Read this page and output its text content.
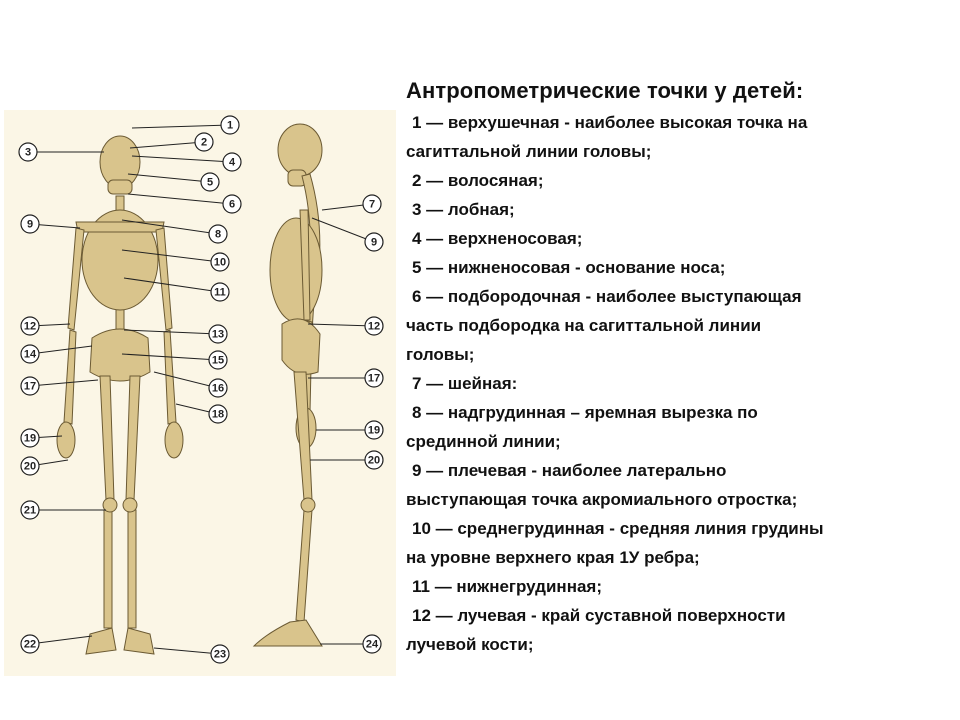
1
2
3
4
5
6	7
8
9
9
10
11
12	12
13
14	15
16
17
17
18
19
19
20	20
21
22
23
24
Антропометрические точки у детей:

1 — верхушечная - наиболее высокая точка на

сагиттальной линии головы;

2 — волосяная;

3 — лобная;

4 — верхненосовая;

5 — нижненосовая - основание носа;

6 — подбородочная - наиболее выступающая

часть подбородка на сагиттальной линии

головы;

7 — шейная:

8 — надгрудинная – яремная вырезка по

срединной линии;

9 — плечевая - наиболее латерально

выступающая точка акромиального отростка;

10 — среднегрудинная - средняя линия грудины

на уровне верхнего края 1У ребра;

11 — нижнегрудинная;

12 — лучевая - край суставной поверхности

лучевой кости;
